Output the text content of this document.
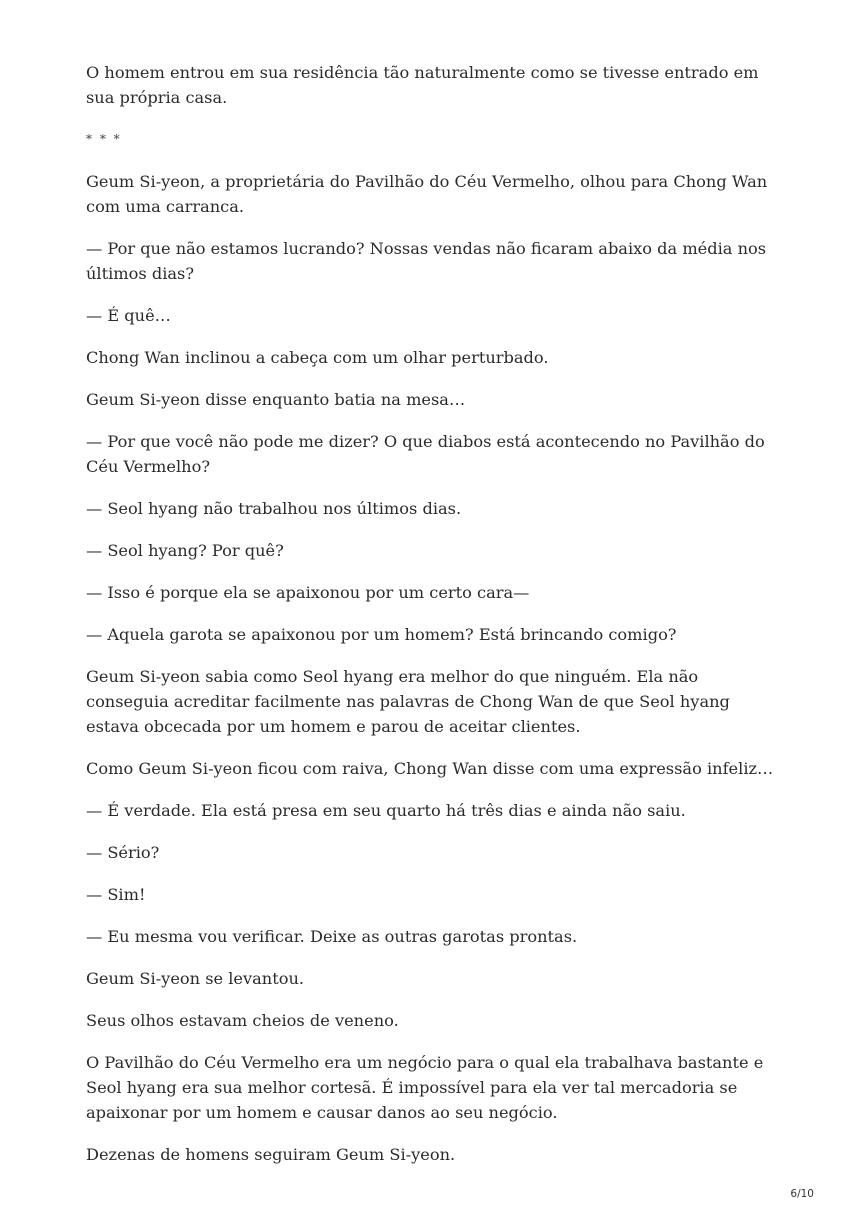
O homem entrou em sua residência tão naturalmente como se tivesse entrado em sua própria casa.

* * *

Geum Si-yeon, a proprietária do Pavilhão do Céu Vermelho, olhou para Chong Wan com uma carranca.

— Por que não estamos lucrando? Nossas vendas não ficaram abaixo da média nos últimos dias?

— É quê…

Chong Wan inclinou a cabeça com um olhar perturbado.

Geum Si-yeon disse enquanto batia na mesa…

— Por que você não pode me dizer? O que diabos está acontecendo no Pavilhão do Céu Vermelho?

— Seol hyang não trabalhou nos últimos dias.

— Seol hyang? Por quê?

— Isso é porque ela se apaixonou por um certo cara—

— Aquela garota se apaixonou por um homem? Está brincando comigo?

Geum Si-yeon sabia como Seol hyang era melhor do que ninguém. Ela não conseguia acreditar facilmente nas palavras de Chong Wan de que Seol hyang estava obcecada por um homem e parou de aceitar clientes.

Como Geum Si-yeon ficou com raiva, Chong Wan disse com uma expressão infeliz…

— É verdade. Ela está presa em seu quarto há três dias e ainda não saiu.

— Sério?

— Sim!

— Eu mesma vou verificar. Deixe as outras garotas prontas.

Geum Si-yeon se levantou.

Seus olhos estavam cheios de veneno.

O Pavilhão do Céu Vermelho era um negócio para o qual ela trabalhava bastante e Seol hyang era sua melhor cortesã. É impossível para ela ver tal mercadoria se apaixonar por um homem e causar danos ao seu negócio.

Dezenas de homens seguiram Geum Si-yeon.

6/10
